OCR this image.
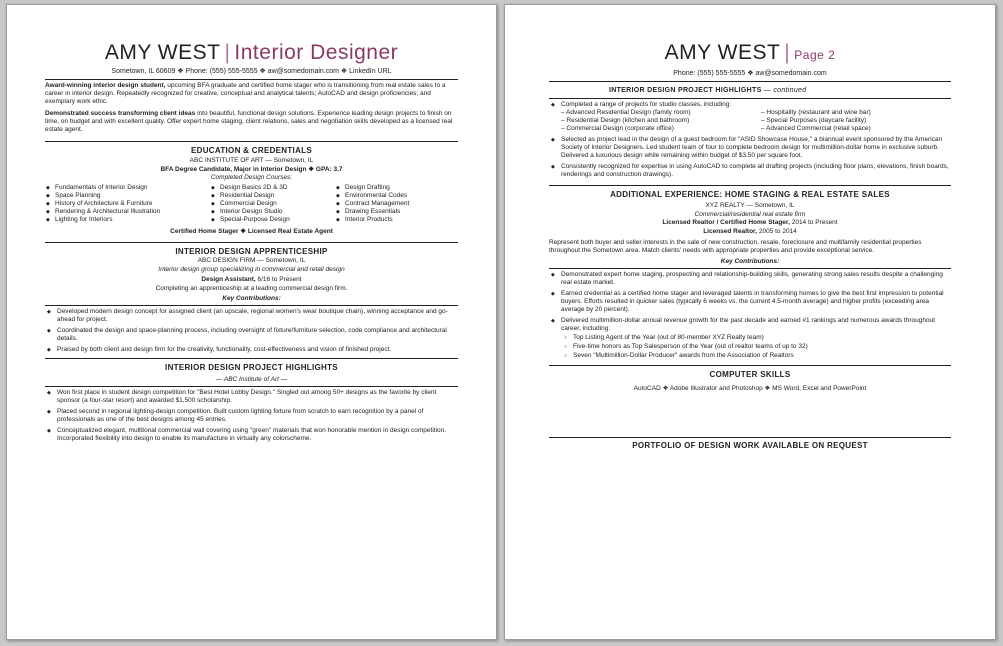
AMY WEST | Interior Designer
Sometown, IL 60609 ❖ Phone: (555) 555-5555 ❖ aw@somedomain.com ❖ LinkedIn URL

Award-winning interior design student, upcoming BFA graduate and certified home stager who is transitioning from real estate sales to a career in interior design. Repeatedly recognized for creative, conceptual and analytical talents; AutoCAD and design proficiencies; and exemplary work ethic.

Demonstrated success transforming client ideas into beautiful, functional design solutions. Experience leading design projects to finish on time, on budget and with excellent quality. Offer expert home staging, client relations, sales and negotiation skills developed as a licensed real estate agent.

EDUCATION & CREDENTIALS
ABC INSTITUTE OF ART — Sometown, IL
BFA Degree Candidate, Major in Interior Design ❖ GPA: 3.7
Completed Design Courses:
◆ Fundamentals of Interior Design
◆ Space Planning
◆ History of Architecture & Furniture
◆ Rendering & Architectural Illustration
◆ Lighting for Interiors
◆ Design Basics 2D & 3D
◆ Residential Design
◆ Commercial Design
◆ Interior Design Studio
◆ Special-Purpose Design
◆ Design Drafting
◆ Environmental Codes
◆ Contract Management
◆ Drawing Essentials
◆ Interior Products
Certified Home Stager ❖ Licensed Real Estate Agent
INTERIOR DESIGN APPRENTICESHIP
ABC DESIGN FIRM — Sometown, IL
Interior design group specializing in commercial and retail design
Design Assistant, 6/16 to Present
Completing an apprenticeship at a leading commercial design firm.
Key Contributions:
◆ Developed modern design concept for assigned client (an upscale, regional women's wear boutique chain), winning acceptance and go-ahead for project.
◆ Coordinated the design and space-planning process, including oversight of fixture/furniture selection, code compliance and architectural details.
◆ Praised by both client and design firm for the creativity, functionality, cost-effectiveness and vision of finished project.
INTERIOR DESIGN PROJECT HIGHLIGHTS
— ABC Institute of Art —
◆ Won first place in student design competition for "Best Hotel Lobby Design." Singled out among 50+ designs as the favorite by client sponsor (a four-star resort) and awarded $1,500 scholarship.
◆ Placed second in regional lighting-design competition. Built custom lighting fixture from scratch to earn recognition by a panel of professionals as one of the best designs among 45 entries.
◆ Conceptualized elegant, multitonal commercial wall covering using "green" materials that won honorable mention in design competition. Incorporated flexibility into design to enable its manufacture in virtually any colorscheme.
AMY WEST | Page 2
Phone: (555) 555-5555 ❖ aw@somedomain.com
INTERIOR DESIGN PROJECT HIGHLIGHTS — continued
◆ Completed a range of projects for studio classes, including:
– Advanced Residential Design (family room)
– Residential Design (kitchen and bathroom)
– Commercial Design (corporate office)
– Hospitality (restaurant and wine bar)
– Special Purposes (daycare facility)
– Advanced Commercial (retail space)
◆ Selected as project lead in the design of a guest bedroom for "ASID Showcase House," a biannual event sponsored by the American Society of Interior Designers. Led student team of four to complete bedroom design for multimillion-dollar home in exclusive suburb. Delivered a luxurious design while remaining within budget of $3.50 per square foot.
◆ Consistently recognized for expertise in using AutoCAD to complete all drafting projects (including floor plans, elevations, finish boards, renderings and construction drawings).
ADDITIONAL EXPERIENCE: HOME STAGING & REAL ESTATE SALES
XYZ REALTY — Sometown, IL
Commercial/residential real estate firm
Licensed Realtor / Certified Home Stager, 2014 to Present
Licensed Realtor, 2005 to 2014

Represent both buyer and seller interests in the sale of new construction, resale, foreclosure and multifamily residential properties throughout the Sometown area. Match clients' needs with appropriate properties and provide exceptional service.

Key Contributions:
◆ Demonstrated expert home staging, prospecting and relationship-building skills, generating strong sales results despite a challenging real estate market.
◆ Earned credential as a certified home stager and leveraged talents in transforming homes to give the best first impression to potential buyers. Efforts resulted in quicker sales (typically 6 weeks vs. the current 4.5-month average) and higher profits (exceeding area average by 20 percent).
◆ Delivered multimillion-dollar annual revenue growth for the past decade and earned #1 rankings and numerous awards throughout career, including:
○ Top Listing Agent of the Year (out of 80-member XYZ Realty team)
○ Five-time honors as Top Salesperson of the Year (out of realtor teams of up to 32)
○ Seven "Multimillion-Dollar Producer" awards from the Association of Realtors
COMPUTER SKILLS
AutoCAD ❖ Adobe Illustrator and Photoshop ❖ MS Word, Excel and PowerPoint
PORTFOLIO OF DESIGN WORK AVAILABLE ON REQUEST
